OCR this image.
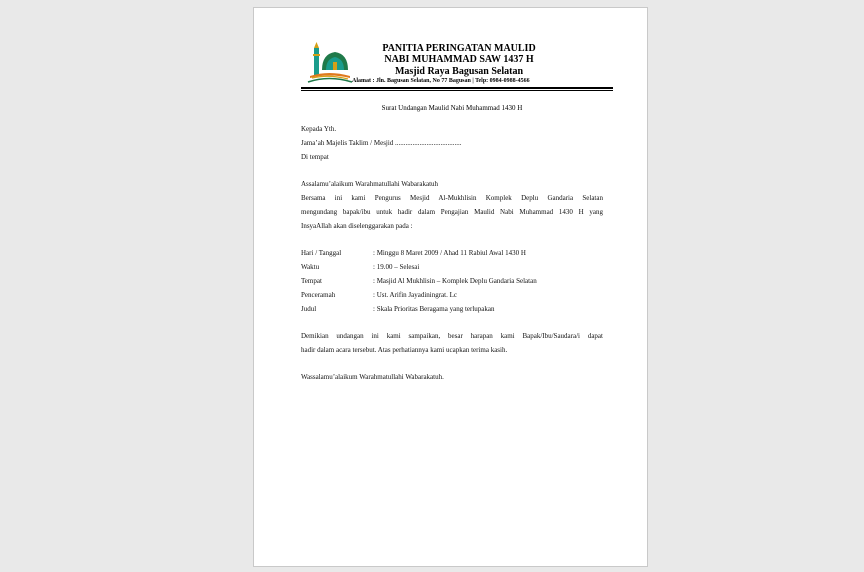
PANITIA PERINGATAN MAULID
NABI MUHAMMAD SAW 1437 H
Masjid Raya Bagusan Selatan
Alamat : Jln. Bagusan Selatan, No 77 Bagusan | Telp: 0984-0988-4566
Surat Undangan Maulid Nabi Muhammad 1430 H
Kepada Yth.
Jama’ah Majelis Taklim / Mesjid ......................................
Di tempat
Assalamu’alaikum Warahmatullahi Wabarakatuh
Bersama ini kami Pengurus Mesjid Al-Mukhlisin Komplek Deplu Gandaria Selatan
mengundang bapak/ibu untuk hadir dalam Pengajian Maulid Nabi Muhammad 1430 H yang
InsyaAllah akan diselenggarakan pada :
Hari / Tanggal	: Minggu 8 Maret 2009 / Ahad 11 Rabiul Awal 1430 H
Waktu	: 19.00 – Selesai
Tempat	: Masjid Al Mukhlisin – Komplek Deplu Gandaria Selatan
Penceramah	: Ust. Arifin Jayadiningrat. Lc
Judul	: Skala Prioritas Beragama yang terlupakan
Demikian undangan ini kami sampaikan, besar harapan kami Bapak/Ibu/Saudara/i dapat
hadir dalam acara tersebut. Atas perhatiannya kami ucapkan terima kasih.
Wassalamu’alaikum Warahmatullahi Wabarakatuh.
